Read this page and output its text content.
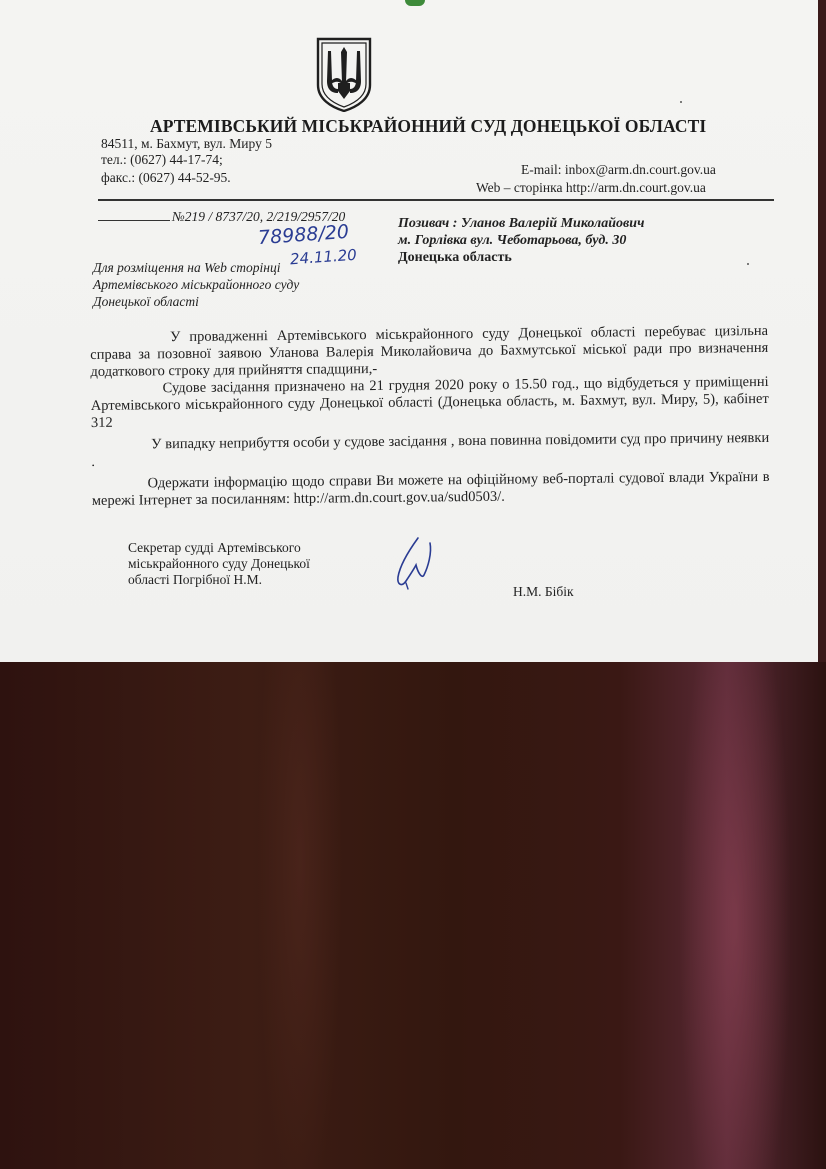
АРТЕМІВСЬКИЙ МІСЬКРАЙОННИЙ СУД ДОНЕЦЬКОЇ ОБЛАСТІ
84511, м. Бахмут, вул. Миру 5
тел.: (0627) 44-17-74;
факс.: (0627) 44-52-95.
E-mail: inbox@arm.dn.court.gov.ua
Web – сторінка http://arm.dn.court.gov.ua
№219 / 8737/20, 2/219/2957/20
78988/20
24.11.20
Позивач : Уланов Валерій Миколайович
м. Горлівка вул. Чеботарьова, буд. 30
Донецька область
Для розміщення на Web сторінці Артемівського міськрайонного суду Донецької області

У провадженні Артемівського міськрайонного суду Донецької області перебуває цизільна справа за позовної заявою Уланова Валерія Миколайовича до Бахмутської міської ради про визначення додаткового строку для прийняття спадщини,-

Судове засідання призначено на 21 грудня 2020 року о 15.50 год., що відбудеться у приміщенні Артемівського міськрайонного суду Донецької області (Донецька область, м. Бахмут, вул. Миру, 5), кабінет 312

У випадку неприбуття особи у судове засідання , вона повинна повідомити суд про причину неявки .

Одержати інформацію щодо справи Ви можете на офіційному веб-порталі судової влади України в мережі Інтернет за посиланням: http://arm.dn.court.gov.ua/sud0503/.

Секретар судді Артемівського міськрайонного суду Донецької області Погрібної Н.М.
Н.М. Бібік
